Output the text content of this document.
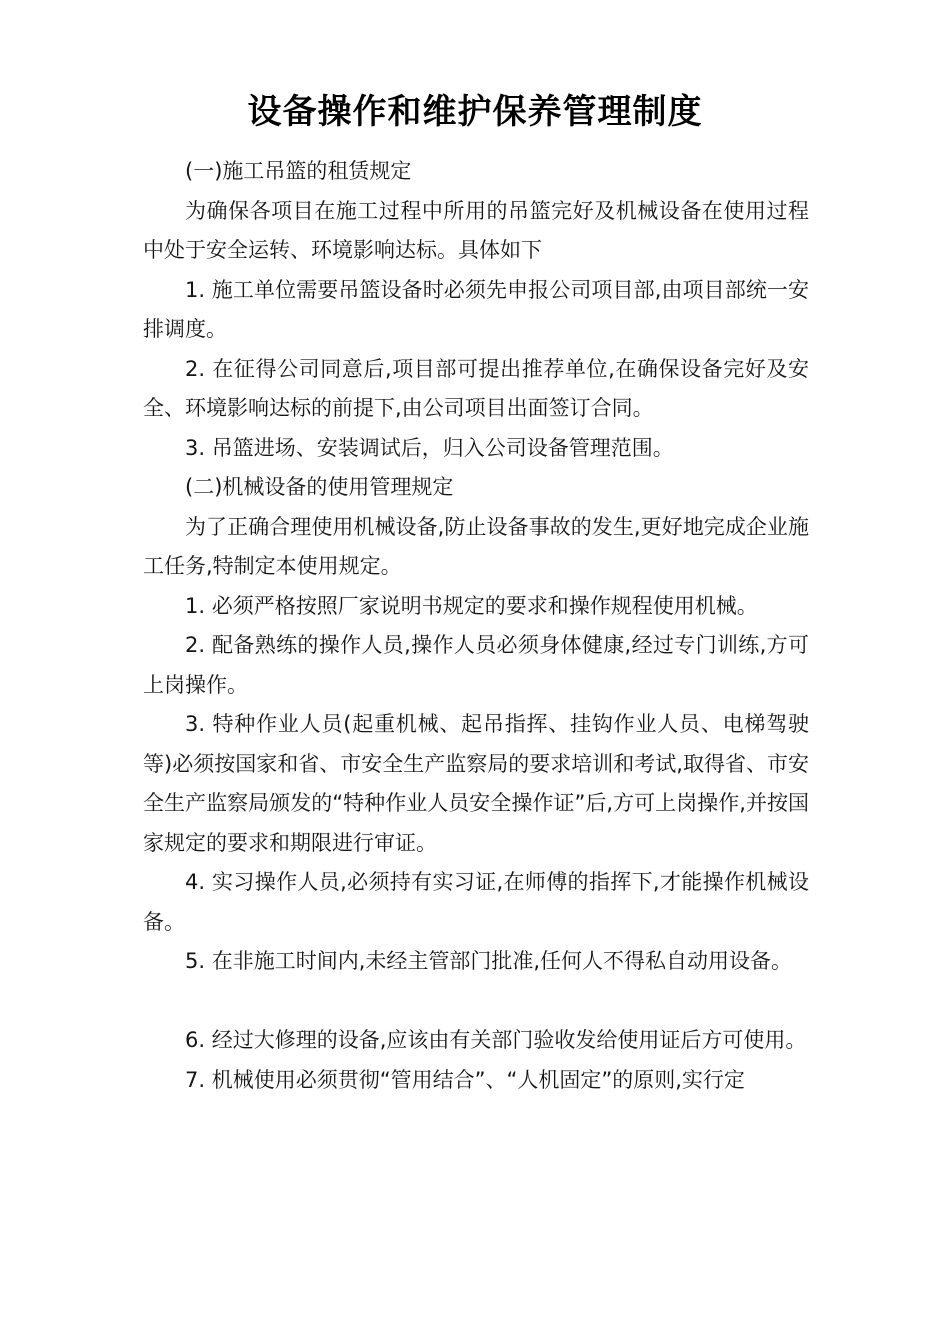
设备操作和维护保养管理制度

(一)施工吊篮的租赁规定

为确保各项目在施工过程中所用的吊篮完好及机械设备在使用过程中处于安全运转、环境影响达标。具体如下

1. 施工单位需要吊篮设备时必须先申报公司项目部,由项目部统一安排调度。

2. 在征得公司同意后,项目部可提出推荐单位,在确保设备完好及安全、环境影响达标的前提下,由公司项目出面签订合同。

3. 吊篮进场、安装调试后，归入公司设备管理范围。

(二)机械设备的使用管理规定

为了正确合理使用机械设备,防止设备事故的发生,更好地完成企业施工任务,特制定本使用规定。

1. 必须严格按照厂家说明书规定的要求和操作规程使用机械。

2. 配备熟练的操作人员,操作人员必须身体健康,经过专门训练,方可上岗操作。

3. 特种作业人员(起重机械、起吊指挥、挂钩作业人员、电梯驾驶等)必须按国家和省、市安全生产监察局的要求培训和考试,取得省、市安全生产监察局颁发的“特种作业人员安全操作证”后,方可上岗操作,并按国家规定的要求和期限进行审证。

4. 实习操作人员,必须持有实习证,在师傅的指挥下,才能操作机械设备。

5. 在非施工时间内,未经主管部门批准,任何人不得私自动用设备。

6. 经过大修理的设备,应该由有关部门验收发给使用证后方可使用。

7. 机械使用必须贯彻“管用结合”、“人机固定”的原则,实行定
